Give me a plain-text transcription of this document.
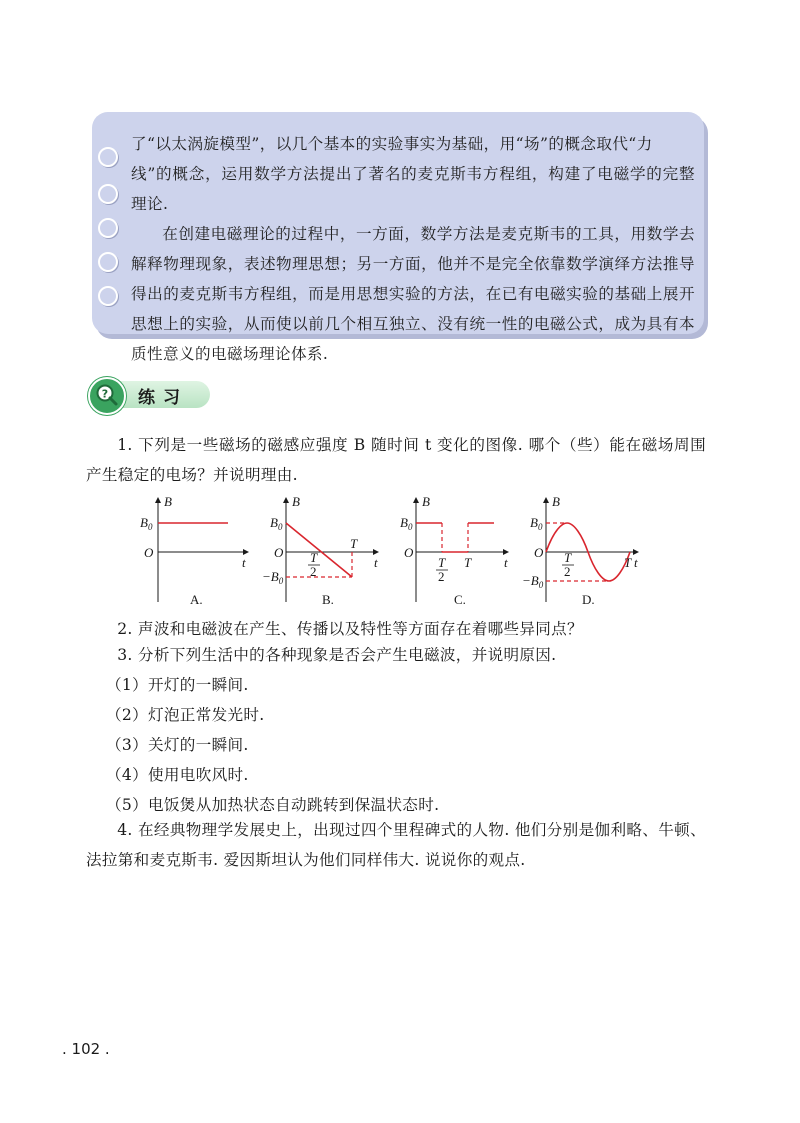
了“以太涡旋模型”，以几个基本的实验事实为基础，用“场”的概念取代“力

线”的概念，运用数学方法提出了著名的麦克斯韦方程组，构建了电磁学的完整理论.

在创建电磁理论的过程中，一方面，数学方法是麦克斯韦的工具，用数学去解释物理现象，表述物理思想；另一方面，他并不是完全依靠数学演绎方法推导得出的麦克斯韦方程组，而是用思想实验的方法，在已有电磁实验的基础上展开思想上的实验，从而使以前几个相互独立、没有统一性的电磁公式，成为具有本质性意义的电磁场理论体系.

? 练习

1. 下列是一些磁场的磁感应强度 B 随时间 t 变化的图像. 哪个（些）能在磁场周围产生稳定的电场？并说明理由.

B
t
O
$B_0$
A.
B
t
O
$B_0$
$-B_0$
T
2
T
B.
B
t
O
$B_0$
T
2
T
C.
B
t
O
$B_0$
$-B_0$
T
2
T
D.

2. 声波和电磁波在产生、传播以及特性等方面存在着哪些异同点？

3. 分析下列生活中的各种现象是否会产生电磁波，并说明原因.

（1）开灯的一瞬间.

（2）灯泡正常发光时.

（3）关灯的一瞬间.

（4）使用电吹风时.

（5）电饭煲从加热状态自动跳转到保温状态时.

4. 在经典物理学发展史上，出现过四个里程碑式的人物. 他们分别是伽利略、牛顿、法拉第和麦克斯韦. 爱因斯坦认为他们同样伟大. 说说你的观点.

. 102 .
